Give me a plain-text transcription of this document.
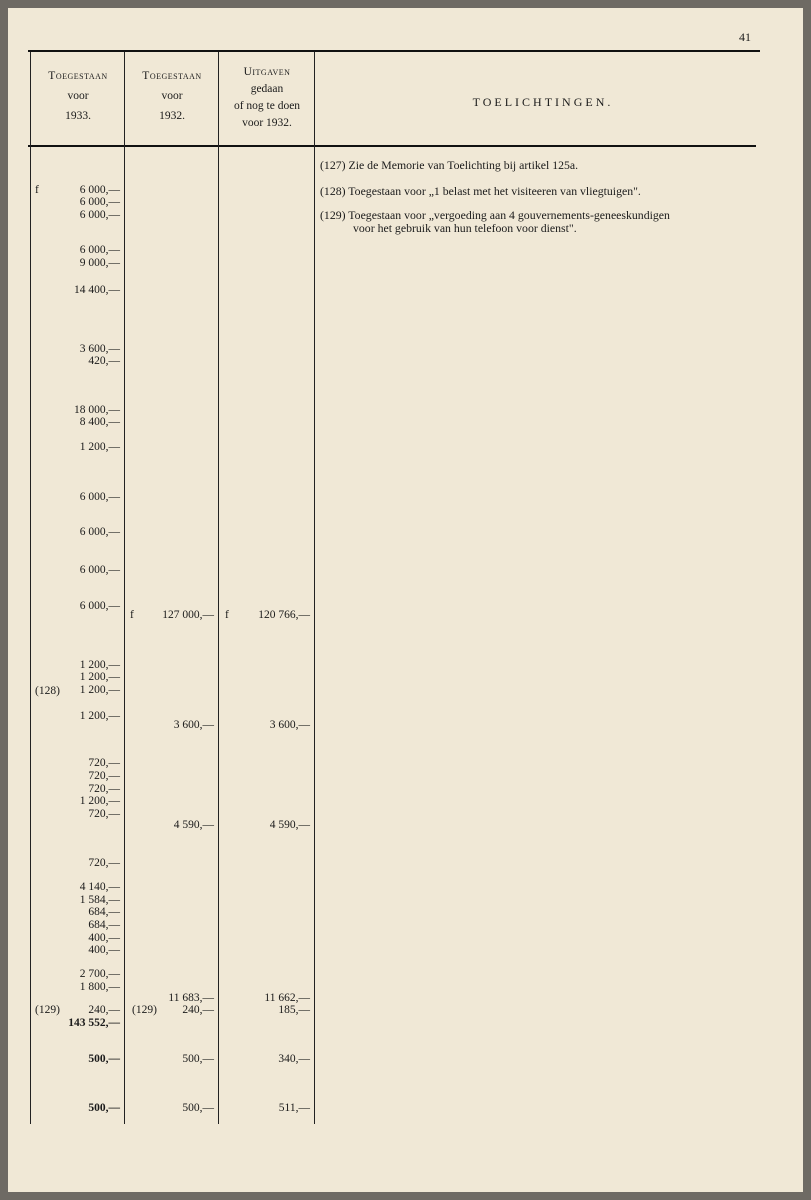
41
Toegestaan
voor
1933.
Toegestaan
voor
1932.
Uitgaven
gedaan
of nog te doen
voor 1932.
TOELICHTINGEN.
(127) Zie de Memorie van Toelichting bij artikel 125a.
(128) Toegestaan voor „1 belast met het visiteeren van vliegtuigen".
(129) Toegestaan voor „vergoeding aan 4 gouvernements-geneeskundigen
voor het gebruik van hun telefoon voor dienst".
f
(128)
(129)
6 000,—
6 000,—
6 000,—
6 000,—
9 000,—
14 400,—
3 600,—
420,—
18 000,—
8 400,—
1 200,—
6 000,—
6 000,—
6 000,—
6 000,—
1 200,—
1 200,—
1 200,—
1 200,—
720,—
720,—
720,—
1 200,—
720,—
720,—
4 140,—
1 584,—
684,—
684,—
400,—
400,—
2 700,—
1 800,—
240,—
143 552,—
500,—
500,—
f
(129)
127 000,—
3 600,—
4 590,—
11 683,—
240,—
500,—
500,—
f	120 766,—
3 600,—
4 590,—
11 662,—
185,—
340,—
511,—
